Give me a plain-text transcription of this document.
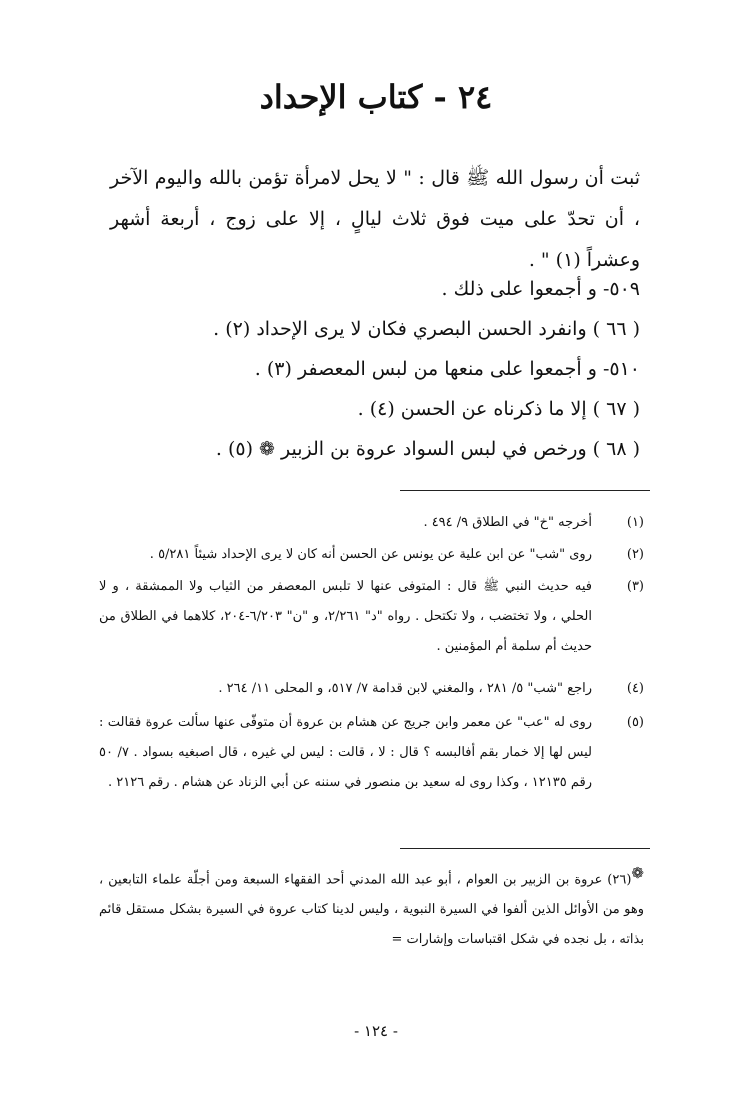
٢٤ - كتاب الإحداد

ثبت أن رسول الله ﷺ قال : " لا يحل لامرأة تؤمن بالله واليوم الآخر ، أن تحدّ على ميت فوق ثلاث ليالٍ ، إلا على زوج ، أربعة أشهر وعشراً (١) " .

٥٠٩- و أجمعوا على ذلك .

( ٦٦ ) وانفرد الحسن البصري فكان لا يرى الإحداد (٢) .

٥١٠- و أجمعوا على منعها من لبس المعصفر (٣) .

( ٦٧ ) إلا ما ذكرناه عن الحسن (٤) .

( ٦٨ ) ورخص في لبس السواد عروة بن الزبير ❁ (٥) .

(١)
أخرجه "خ" في الطلاق ٩/ ٤٩٤ .
(٢)
روى "شب" عن ابن علية عن يونس عن الحسن أنه كان لا يرى الإحداد شيئاً ٥/٢٨١ .
(٣)
فيه حديث النبي ﷺ قال : المتوفى عنها لا تلبس المعصفر من الثياب ولا الممشقة ، و لا الحلي ، ولا تختضب ، ولا تكتحل . رواه "د" ٢/٢٦١، و "ن" ٦/٢٠٣-٢٠٤، كلاهما في الطلاق من حديث أم سلمة أم المؤمنين .
(٤)
راجع "شب" ٥/ ٢٨١ ، والمغني لابن قدامة ٧/ ٥١٧، و المحلى ١١/ ٢٦٤ .
(٥)
روى له "عب" عن معمر وابن جريج عن هشام بن عروة أن متوفّى عنها سألت عروة فقالت : ليس لها إلا خمار بقم أفالبسه ؟ قال : لا ، قالت : ليس لي غيره ، قال اصبغيه بسواد . ٧/ ٥٠ رقم ١٢١٣٥ ، وكذا روى له سعيد بن منصور في سننه عن أبي الزناد عن هشام . رقم ٢١٢٦ .

❁(٢٦) عروة بن الزبير بن العوام ، أبو عبد الله المدني أحد الفقهاء السبعة ومن أجلّة علماء التابعين ، وهو من الأوائل الذين ألفوا في السيرة النبوية ، وليس لدينا كتاب عروة في السيرة بشكل مستقل قائم بذاته ، بل نجده في شكل اقتباسات وإشارات =

- ١٢٤ -
